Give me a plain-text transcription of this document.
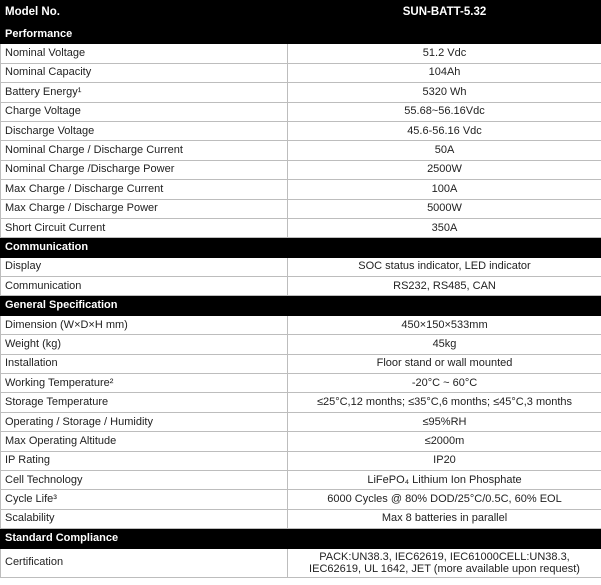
Model No.	SUN-BATT-5.32
Performance	
Nominal Voltage	51.2 Vdc
Nominal Capacity	104Ah
Battery Energy¹	5320 Wh
Charge Voltage	55.68~56.16Vdc
Discharge Voltage	45.6-56.16 Vdc
Nominal Charge / Discharge Current	50A
Nominal Charge /Discharge Power	2500W
Max Charge / Discharge Current	100A
Max Charge / Discharge Power	5000W
Short Circuit Current	350A
Communication	
Display	SOC status indicator, LED indicator
Communication	RS232, RS485, CAN
General Specification	
Dimension (W×D×H mm)	450×150×533mm
Weight (kg)	45kg
Installation	Floor stand or wall mounted
Working Temperature²	-20°C ~ 60°C
Storage Temperature	≤25°C,12 months; ≤35°C,6 months; ≤45°C,3 months
Operating / Storage / Humidity	≤95%RH
Max Operating Altitude	≤2000m
IP Rating	IP20
Cell Technology	LiFePO₄ Lithium Ion Phosphate
Cycle Life³	6000 Cycles @ 80% DOD/25°C/0.5C, 60% EOL
Scalability	Max 8 batteries in parallel
Standard Compliance	
Certification	PACK:UN38.3, IEC62619, IEC61000CELL:UN38.3, IEC62619, UL 1642, JET (more available upon request)
